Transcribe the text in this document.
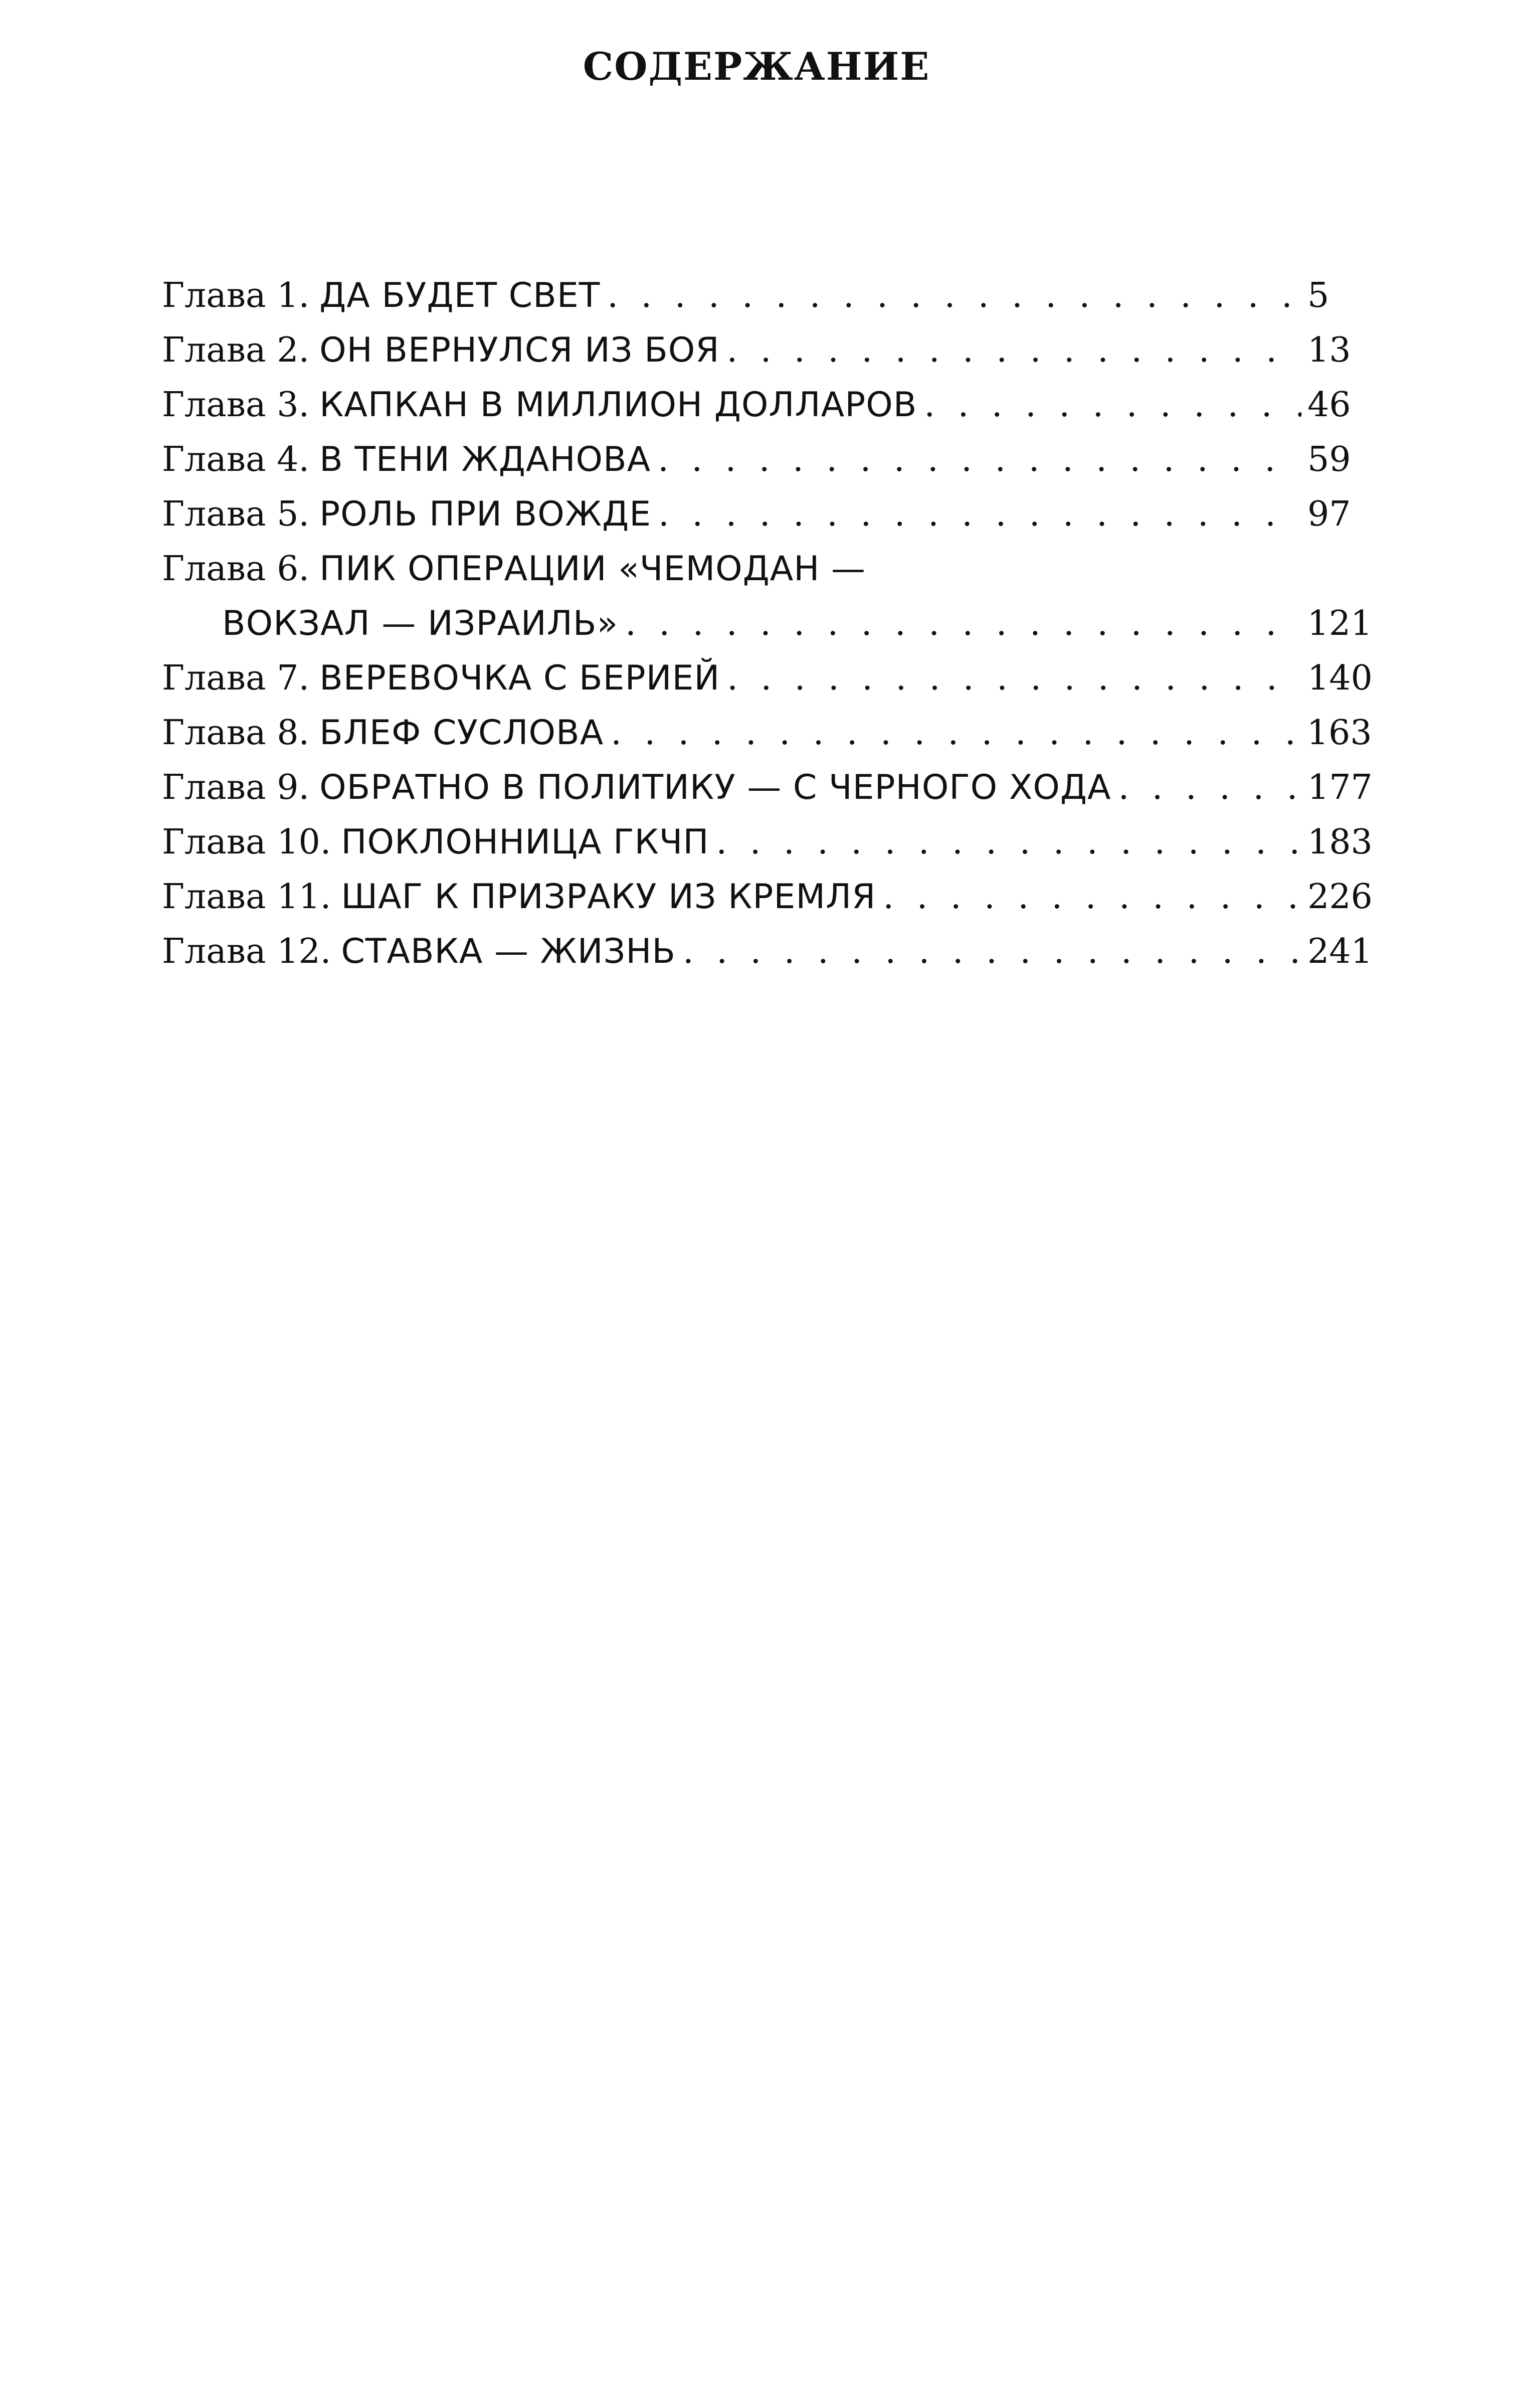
СОДЕРЖАНИЕ
Глава 1. ДА БУДЕТ СВЕТ . . .	5
Глава 2. ОН ВЕРНУЛСЯ ИЗ БОЯ . . .	13
Глава 3. КАПКАН В МИЛЛИОН ДОЛЛАРОВ . . .	46
Глава 4. В ТЕНИ ЖДАНОВА . . .	59
Глава 5. РОЛЬ ПРИ ВОЖДЕ . . .	97
Глава 6. ПИК ОПЕРАЦИИ «ЧЕМОДАН —
ВОКЗАЛ — ИЗРАИЛЬ» . . .	121
Глава 7. ВЕРЕВОЧКА С БЕРИЕЙ . . .	140
Глава 8. БЛЕФ СУСЛОВА . . .	163
Глава 9. ОБРАТНО В ПОЛИТИКУ — С ЧЕРНОГО ХОДА . . .	177
Глава 10. ПОКЛОННИЦА ГКЧП . . .	183
Глава 11. ШАГ К ПРИЗРАКУ ИЗ КРЕМЛЯ . . .	226
Глава 12. СТАВКА — ЖИЗНЬ . . .	241
